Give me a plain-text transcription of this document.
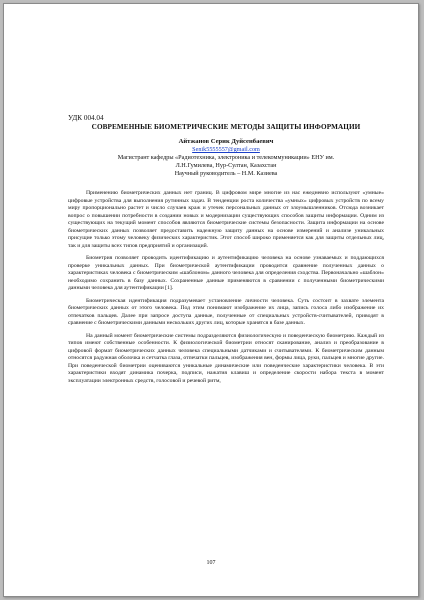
УДК 004.04

СОВРЕМЕННЫЕ БИОМЕТРИЧЕСКИЕ МЕТОДЫ ЗАЩИТЫ ИНФОРМАЦИИ

Айтжанов Серик Дуйсенбаевич
Senik5555557@gmail.com
Магистрант кафедры «Радиотехника, электроника и телекоммуникации» ЕНУ им.
Л.Н.Гумилева, Нур-Султан, Казахстан
Научный руководитель – Н.М. Казиева

Применению биометрических данных нет границ. В цифровом мире многие из нас ежедневно используют «умные» цифровые устройства для выполнения рутинных задач. В тенденции роста количества «умных» цифровых устройств по всему миру пропорционально растет и число случаев краж и утечек персональных данных от злоумышленников. Отсюда возникает вопрос о повышении потребности в создании новых и модернизации существующих способов защиты информации. Одним из существующих на текущий момент способов являются биометрические системы безопасности. Защита информации на основе биометрических данных позволяет предоставить надежную защиту данных на основе измерений и анализе уникальных присущие только этому человеку физических характеристик. Этот способ широко применяется как для защиты отдельных лиц, так и для защиты всех типов предприятий и организаций.

Биометрия позволяет проводить идентификацию и аутентификацию человека на основе узнаваемых и поддающихся проверке уникальных данных. При биометрической аутентификации проводится сравнение полученных данных о характеристиках человека с биометрическим «шаблоном» данного человека для определения сходства. Первоначально «шаблон» необходимо сохранить в базу данных. Сохраненные данные применяются в сравнении с полученными биометрическими данными человека для аутентификации [1].

Биометрическая идентификация подразумевает установление личности человека. Суть состоит в захвате элемента биометрических данных от этого человека. Под этим понимают изображение их лица, запись голоса либо изображение их отпечатков пальцев. Далее при запросе доступа данные, полученные от специальных устройств-считывателей, приводят в сравнение с биометрическими данными нескольких других лиц, которые хранятся в базе данных.

На данный момент биометрические системы подразделяются физиологическую и поведенческую биометрию. Каждый из типов имеют собственные особенности. К физиологической биометрии относят сканирование, анализ и преобразование в цифровой формат биометрических данных человека специальными датчиками и считывателями. К биометрическим данным относятся радужная оболочка и сетчатка глаза, отпечатки пальцев, изображения вен, формы лица, руки, пальцев и многие другие. При поведенческой биометрии оцениваются уникальные динамические или поведенческие характеристики человека. В эти характеристики входят динамика почерка, подписи, нажатия клавиш и определение скорости набора текста в момент эксплуатации электронных средств, голосовой и речевой ритм,

107
